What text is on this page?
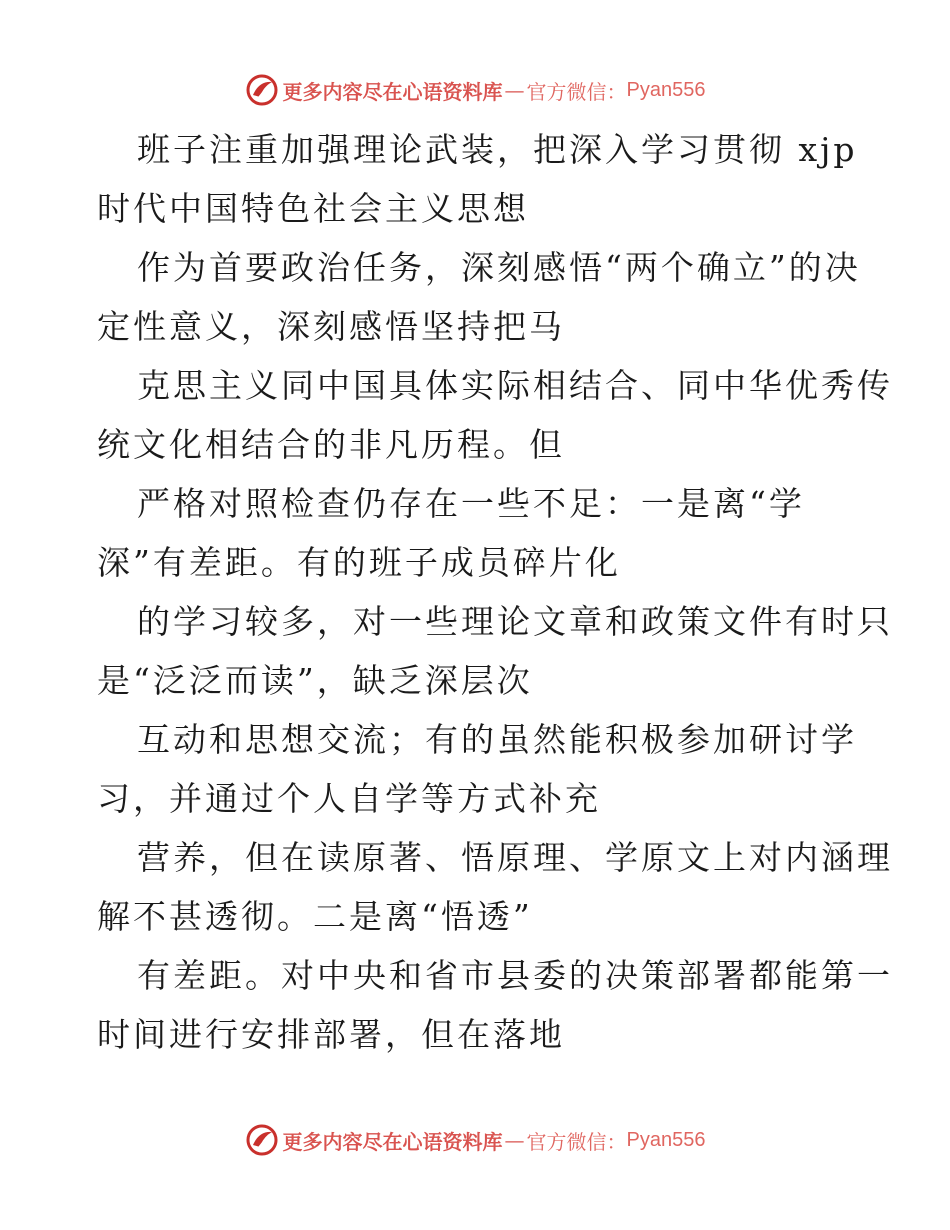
更多内容尽在心语资料库 — 官方微信： Pyan556

班子注重加强理论武装，把深入学习贯彻 xjp
时代中国特色社会主义思想

作为首要政治任务，深刻感悟“两个确立”的决
定性意义，深刻感悟坚持把马

克思主义同中国具体实际相结合、同中华优秀传
统文化相结合的非凡历程。但

严格对照检查仍存在一些不足：一是离“学
深”有差距。有的班子成员碎片化

的学习较多，对一些理论文章和政策文件有时只
是“泛泛而读”，缺乏深层次

互动和思想交流；有的虽然能积极参加研讨学
习，并通过个人自学等方式补充

营养，但在读原著、悟原理、学原文上对内涵理
解不甚透彻。二是离“悟透”

有差距。对中央和省市县委的决策部署都能第一
时间进行安排部署，但在落地

更多内容尽在心语资料库 — 官方微信： Pyan556
